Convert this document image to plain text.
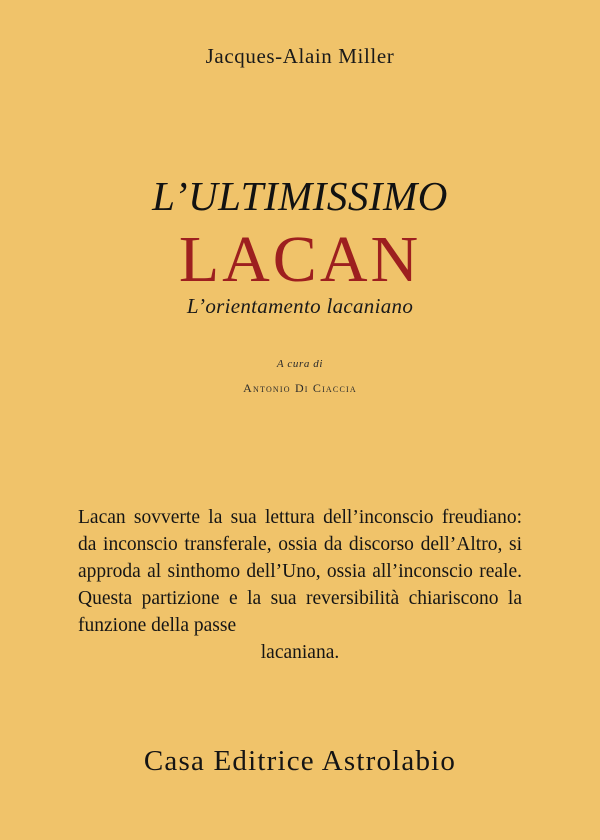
Jacques-Alain Miller
L’ULTIMISSIMO
LACAN
L’orientamento lacaniano
A cura di
Antonio Di Ciaccia
Lacan sovverte la sua lettura dell’inconscio freudiano: da inconscio transferale, ossia da discorso dell’Altro, si approda al sinthomo dell’Uno, ossia all’inconscio reale. Questa partizione e la sua reversibilità chiariscono la funzione della passe
lacaniana.
Casa Editrice Astrolabio
